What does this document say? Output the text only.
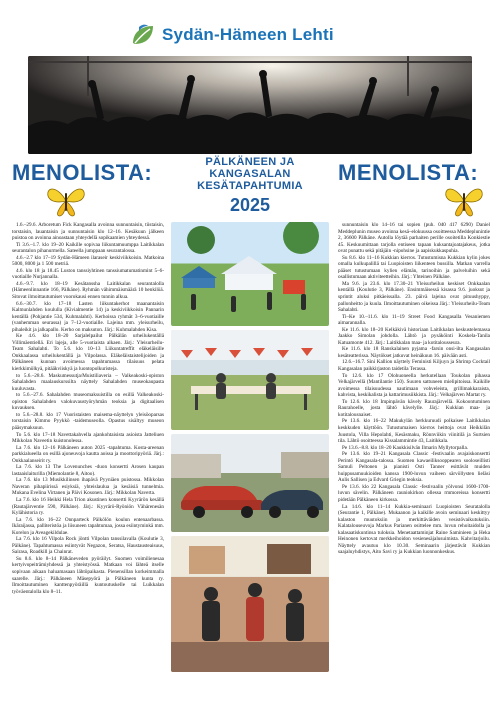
Sydän-Hämeen Lehti
MENOLISTA:	MENOLISTA:
PÄLKÄNEEN JA
KANGASALAN
KESÄTAPAHTUMIA
2025

1.6.–29.6. Arboretum Fick Kangasalla avoinna sunnuntaisin, tiistaisin, torstaisin, lauantaisin ja sunnuntaisin klo 12–16. Kesäkuun jälkeen puistoa on avoinna ainoastaan yhteydellä sopikaamien yhteydessä.

Ti 3.6.–1.7. klo 19–20 Kaikille sopivaa liikuntamuumppa Laitikkalan seurantalon pihanurmella. Sateella jumppaan seurantalossa.

4.6.–2.7 klo 17–19 Sydän-Hämeen ilaraseir keskiviikkoisin. Matkoina 5000, 8000 ja 1 500 metriä.

4.6. klo 18 ja 18.45 Luston tanssiyhtinen tanssiumatumatinmint 5–6-vuotiaille Nurjannalla.

4.6.–9.7. klo 18–19 Kesätanssha Laitikkalan seurantalolla (Hämeenlinnantie 166, Pälkäne). Ryhmän vähimmäismäärä 10 henkilöä. Sitovat ilmoittautumiset vuorokausi ennen tunnin alkua.

6.6.–30.7. klo 17–18 Lasten liikuntakerhot maanantaisin Kalmunlahden koululla (Kivialmentie 14) ja keskiviikkoisin Pannarin kentällä (Pohjantie 534, Kuhmalahti). Kerhoissa ryhmät 3–6-vuotiaille (vanhemman seurassa) ja 7–12-vuotiaille. Lajeina mm. yleisurheilu, pihaleikit ja jalkapallo. Kerho on maksuton. Järj.: Kuhmalahden Kisa.

Ke 4.6. klo 18–20 Sarjalelpailut Pälkälän urheilukentällä Villimäentiellä. Eri lajeja, alle 5-vuotiaista alkaen. Järj.: Yleisurheilu-Team Sahalahti. To 5.6. klo 10–13 Liikuntatreffit eläkeläisille Onkkaalassa urheilukentällä ja Vilpolassa. Eläkeläistaistelijoiden ja Pälkäneen kunnan avoimessa tapahtumassa tilaisuus pelata kierkkimölkyä, pitääkviiskyä ja luontopolkuristeja.

to 5.6.–28.6. Maskumessutja/Muistiliaveria – Valkeakoski-opiston Sahalahden maalauskurssilta näyttely Sahalahden museokaupasta kuuluvasta.

to 5.6.–27.6. Sahalahden museomaksuistilla on esillä Valkeakoski-opiston Sahalahden valokuvaustyöryhmän teoksia ja digitaalisen kuvauksen.

to 5.6.–28.8. klo 17 Vuoristaisten maisema-näyttelyn yleisöoparsas torstaisin Kimmo Pyykkö -taidemuseolla. Opastus sisältyy museon pääsymaksuun.

To 5.6. klo 17–18 Navettakahvella ajankohtaisista asioista Jatteliuen Mikkolan Naveetin kuistonolessa.

La 7.6. klo 12–16 Pälkäneen auton 2025 -tapahtuma. Kosta-areenan parkkialueella on esillä ajoneuvoja kautta aoissa ja moottoripyöriä. Järj.: Onkkaalanseirit ry.

La 7.6. klo 13 The Lovenunches -duon konsertti Arosen kaupan lastaaislaiturilla (Miemolantie 8, Aitoo).

La 7.6. klo 13 Musikkilinsen ihapävä Pyyniäen puistossa. Mikkolan Naveran pihapiirissä esiyksiä, yhteislaulua ja kesäisiä tunnelmia. Mukana Evelina Virtanen ja Päivi Kosonen. Järj.: Mikkolan Naverta.

La 7.6. klo 16 Heikki Hela Trion akustinen konsertti Kyyrärön kesällä (Rautajärventie 590, Pälkäne). Järj.: Kyyrärö-Ryöniön Vähärenesän Kylähistoria ry.

La 7.6. klo 16–22 Onnparteck Pälkölön koulun entenaarbassa. Ikäraijassa, palliteristöa ja liisuneen tapahtumaa, jossa esiintyminkä mm. Korelon ja Aveagekildulae.

La 7.6. klo 16 Vilpola Rock jöntti Vilpolan tanssilavalla (Koulutie 3, Pälkäne). Tapahtumassa esiintyvät Negazon, Seratsa, Haustausteaisuus, Sairasa, Roadkill ja Chainrat.

Su 8.6. klo 8–14 Pälkäneveden pyöräilyt. Suomen voimilienesaa kertyivopeiträmiyhdessä ja yhteistyössä. Matkaan voi lähteä itselle sopivaan aikaan haluamasaan lähtöpaikasta. Pienensillan korkeimmalla saarelle. Järj.: Pälkäneen Mäsepyörä ja Pälkäneen kunta ry. Ilmoittautuminen kanttenpyöräillä kuntoutuskelle tai Luikkalan työväentalolla klo 8–11.

sunnuntaisin klo 14–16 tai sopien (puh. 040 417 6290) Daniel Meddeplunin museo avoinna kesä–elokuussa osoitteessa Meddeplunintie 2, 36600 Pälkäne. Autolla löytää parhaiten perille osoitetilla Konkiestie 45. Keskuumittaan tarjolla entiseen tapaan kuksantajoatajakeus, jotka ovat punattu sekä pitäjäin -nipohsine ja aapiskukkaspuhia.

Su 8.6. klo 11–16 Kukkian kierros. Tutustumisna Kukkian kylin jokes omalla kulkupalillä tai Luopioisten liikenteen bussilla. Matkan varrella pääset tutustumaan kylien elämän, tarinoihin ja palveluihin sekä osallistumaan aktiviteetteihin. Järj.: Yhteinen Pälkäne.

Ma 9.6. ja 23.6. klo 17.30–21 Yleisurheilun keskiset Onkkaalan kentällä (Koulutie 3, Pälkäne). Ensimmäisessä kisassa 9.6. juoksut ja sprintit aluksi pitkäeissalla. 23. päivä lajeina ovat pituushyppy, pallonheitto ja kuula. Ilmoittautuminen oikeissa Järj.: Yleisurheilu-Team Sahalahti.

Ti–Ke 10.–11.6. klo 11–19 Street Food Kangasalla Vesaniemen aimarannalla.

Ke 11.6. klo 18–20 Kelkäkivä historiaan Laitikkalan keskustelemassa Jaakko Simolan johdolla. Lähtö ja pysäköinti Koskela-Tanila Katuamonte 412. Järj.: Laitikkalan maa- ja kotitalousseura.

Ke 11.6. klo 18 Ranskalainen pyjama -farsin onsi-ilta Kangasalan kesäteatterissa. Näytökset jatkuvat heinäkuun 16. päivään asti.

12.6.–16.7. Sini Kallion näyttely Feministi Kiljuyn ja Shrimp Cocktail Kangasalan paikkirjaston taidetila Terassa.

To 12.6. klo 17 Olohuoneella herkutellaan Toukolan pihassa Velkajärvellä (Mantilantie 150). Suuren sattuneen mielipitoissa. Kaikille avoimessa tilaisuudessa nautimaan vohveleista, grillimakkaraista, kahvista, keskikalista ja kattarimusiikkista. Järj.: Velkajärven Martat ry.

To 12.6. klo 18 Impinpävän kävely Raurajärvellä. Kokoontuminen Raurahoelle, josta lähtö kävelylle. Järj.: Kukkian maa- ja kotitalousnaiset.

Pe 13.6. klo 16–22 Makukylän herkkuruudi polkaisee Laitikkalan keskkuden käyttöön. Tutustumaisen kierros heittoja ovat Heikkilän Juustola, Villa Hepolahti, Kesäsmaku, Rönnviikin viinitilä ja Surtsien tila. Lähtö osoitteessa Kissalammintie 43, Laitikkala.

Pe 13.6.–8.8. klo 18–20 Kaukkisilvän Ilmarin Myllytorpalla.

Pe 13.6. klo 19–21 Kangasala Classic -festivaalin avajaiskonsertti Perintö Kangasala-talossa. Suomen kawaeiliksooppearen sooloseillisti Samuli Peltonen ja pianisti Osti Tanner esittävät muiden huippusamuukioiden kanssa 1900-luvun vaiheen särvöllysten lieläsi Aulis Sallisen ja Edvard Griegin teoksia.

Pe 13.6. klo 22 Kangasala Classic -festivaalin yölvonsi 1600-1700-luvun sävelin. Pälkäneen rauniokirkon ollessa rmmoreissa konsertti pidetään Pälkäneen kirkossa.

La 14.6. klo 11–14 Kukkia-seminaari Luopioisten Seuratalolla (Seurantie 1, Pälkäne). Mukaanon ja kaikille avoin seminaari keskittyy kalaston muutoksiin ja merkittäväiden vesistövaikutuksiin. Kalatalouseuvoja Markus Parianen osittelee mm. luvun rehoitaidolla ja kalasaatiskuntinsa tuloksia. Menetaattaminjat Raine Saminieen ja Heka Heinonen kertovat merkkeihoidon vesienesäjalusuimista. Kahvitarjoilu. Näyttely avautuu klo 10.30. Seminaarin järjestävät Kukkian saajaluyhdistys, Aito Savi ry ja Kukkian luonnonkeskus.
